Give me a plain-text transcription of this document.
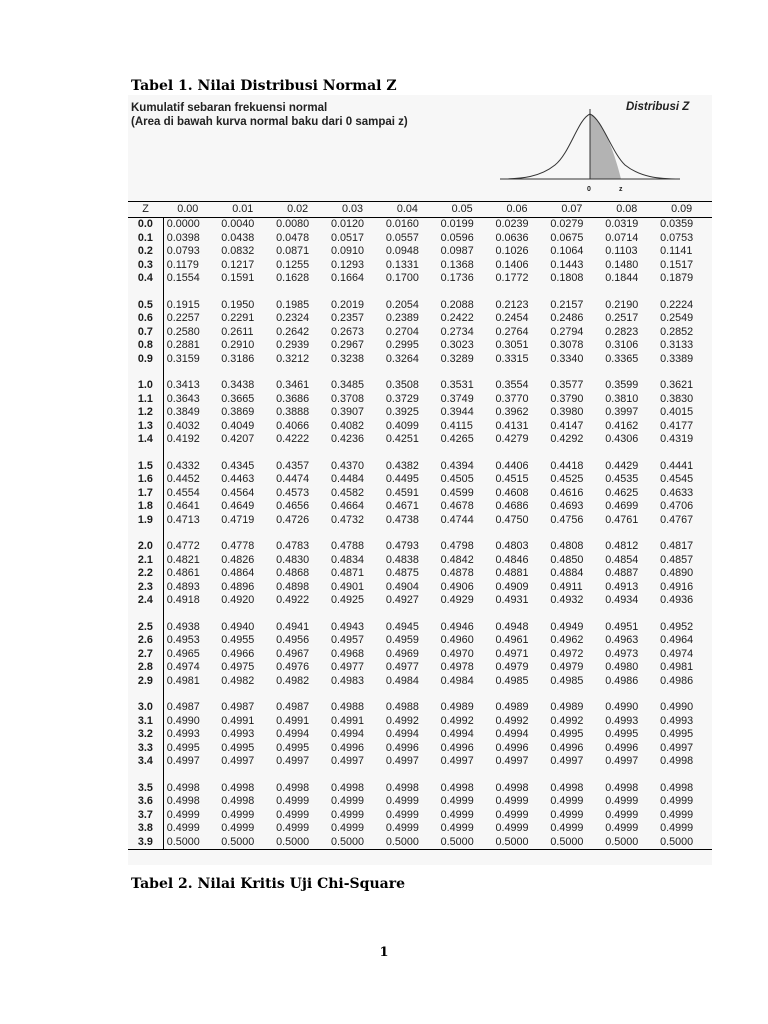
Tabel 1. Nilai Distribusi Normal Z

Kumulatif sebaran frekuensi normal
(Area di bawah kurva normal baku dari 0 sampai z)

Distribusi Z
0	z
Z	0.00	0.01	0.02	0.03	0.04	0.05	0.06	0.07	0.08	0.09
0.0	0.0000	0.0040	0.0080	0.0120	0.0160	0.0199	0.0239	0.0279	0.0319	0.0359
0.1	0.0398	0.0438	0.0478	0.0517	0.0557	0.0596	0.0636	0.0675	0.0714	0.0753
0.2	0.0793	0.0832	0.0871	0.0910	0.0948	0.0987	0.1026	0.1064	0.1103	0.1141
0.3	0.1179	0.1217	0.1255	0.1293	0.1331	0.1368	0.1406	0.1443	0.1480	0.1517
0.4	0.1554	0.1591	0.1628	0.1664	0.1700	0.1736	0.1772	0.1808	0.1844	0.1879

0.5	0.1915	0.1950	0.1985	0.2019	0.2054	0.2088	0.2123	0.2157	0.2190	0.2224
0.6	0.2257	0.2291	0.2324	0.2357	0.2389	0.2422	0.2454	0.2486	0.2517	0.2549
0.7	0.2580	0.2611	0.2642	0.2673	0.2704	0.2734	0.2764	0.2794	0.2823	0.2852
0.8	0.2881	0.2910	0.2939	0.2967	0.2995	0.3023	0.3051	0.3078	0.3106	0.3133
0.9	0.3159	0.3186	0.3212	0.3238	0.3264	0.3289	0.3315	0.3340	0.3365	0.3389

1.0	0.3413	0.3438	0.3461	0.3485	0.3508	0.3531	0.3554	0.3577	0.3599	0.3621
1.1	0.3643	0.3665	0.3686	0.3708	0.3729	0.3749	0.3770	0.3790	0.3810	0.3830
1.2	0.3849	0.3869	0.3888	0.3907	0.3925	0.3944	0.3962	0.3980	0.3997	0.4015
1.3	0.4032	0.4049	0.4066	0.4082	0.4099	0.4115	0.4131	0.4147	0.4162	0.4177
1.4	0.4192	0.4207	0.4222	0.4236	0.4251	0.4265	0.4279	0.4292	0.4306	0.4319

1.5	0.4332	0.4345	0.4357	0.4370	0.4382	0.4394	0.4406	0.4418	0.4429	0.4441
1.6	0.4452	0.4463	0.4474	0.4484	0.4495	0.4505	0.4515	0.4525	0.4535	0.4545
1.7	0.4554	0.4564	0.4573	0.4582	0.4591	0.4599	0.4608	0.4616	0.4625	0.4633
1.8	0.4641	0.4649	0.4656	0.4664	0.4671	0.4678	0.4686	0.4693	0.4699	0.4706
1.9	0.4713	0.4719	0.4726	0.4732	0.4738	0.4744	0.4750	0.4756	0.4761	0.4767

2.0	0.4772	0.4778	0.4783	0.4788	0.4793	0.4798	0.4803	0.4808	0.4812	0.4817
2.1	0.4821	0.4826	0.4830	0.4834	0.4838	0.4842	0.4846	0.4850	0.4854	0.4857
2.2	0.4861	0.4864	0.4868	0.4871	0.4875	0.4878	0.4881	0.4884	0.4887	0.4890
2.3	0.4893	0.4896	0.4898	0.4901	0.4904	0.4906	0.4909	0.4911	0.4913	0.4916
2.4	0.4918	0.4920	0.4922	0.4925	0.4927	0.4929	0.4931	0.4932	0.4934	0.4936

2.5	0.4938	0.4940	0.4941	0.4943	0.4945	0.4946	0.4948	0.4949	0.4951	0.4952
2.6	0.4953	0.4955	0.4956	0.4957	0.4959	0.4960	0.4961	0.4962	0.4963	0.4964
2.7	0.4965	0.4966	0.4967	0.4968	0.4969	0.4970	0.4971	0.4972	0.4973	0.4974
2.8	0.4974	0.4975	0.4976	0.4977	0.4977	0.4978	0.4979	0.4979	0.4980	0.4981
2.9	0.4981	0.4982	0.4982	0.4983	0.4984	0.4984	0.4985	0.4985	0.4986	0.4986

3.0	0.4987	0.4987	0.4987	0.4988	0.4988	0.4989	0.4989	0.4989	0.4990	0.4990
3.1	0.4990	0.4991	0.4991	0.4991	0.4992	0.4992	0.4992	0.4992	0.4993	0.4993
3.2	0.4993	0.4993	0.4994	0.4994	0.4994	0.4994	0.4994	0.4995	0.4995	0.4995
3.3	0.4995	0.4995	0.4995	0.4996	0.4996	0.4996	0.4996	0.4996	0.4996	0.4997
3.4	0.4997	0.4997	0.4997	0.4997	0.4997	0.4997	0.4997	0.4997	0.4997	0.4998

3.5	0.4998	0.4998	0.4998	0.4998	0.4998	0.4998	0.4998	0.4998	0.4998	0.4998
3.6	0.4998	0.4998	0.4999	0.4999	0.4999	0.4999	0.4999	0.4999	0.4999	0.4999
3.7	0.4999	0.4999	0.4999	0.4999	0.4999	0.4999	0.4999	0.4999	0.4999	0.4999
3.8	0.4999	0.4999	0.4999	0.4999	0.4999	0.4999	0.4999	0.4999	0.4999	0.4999
3.9	0.5000	0.5000	0.5000	0.5000	0.5000	0.5000	0.5000	0.5000	0.5000	0.5000
Tabel 2. Nilai Kritis Uji Chi-Square
1
